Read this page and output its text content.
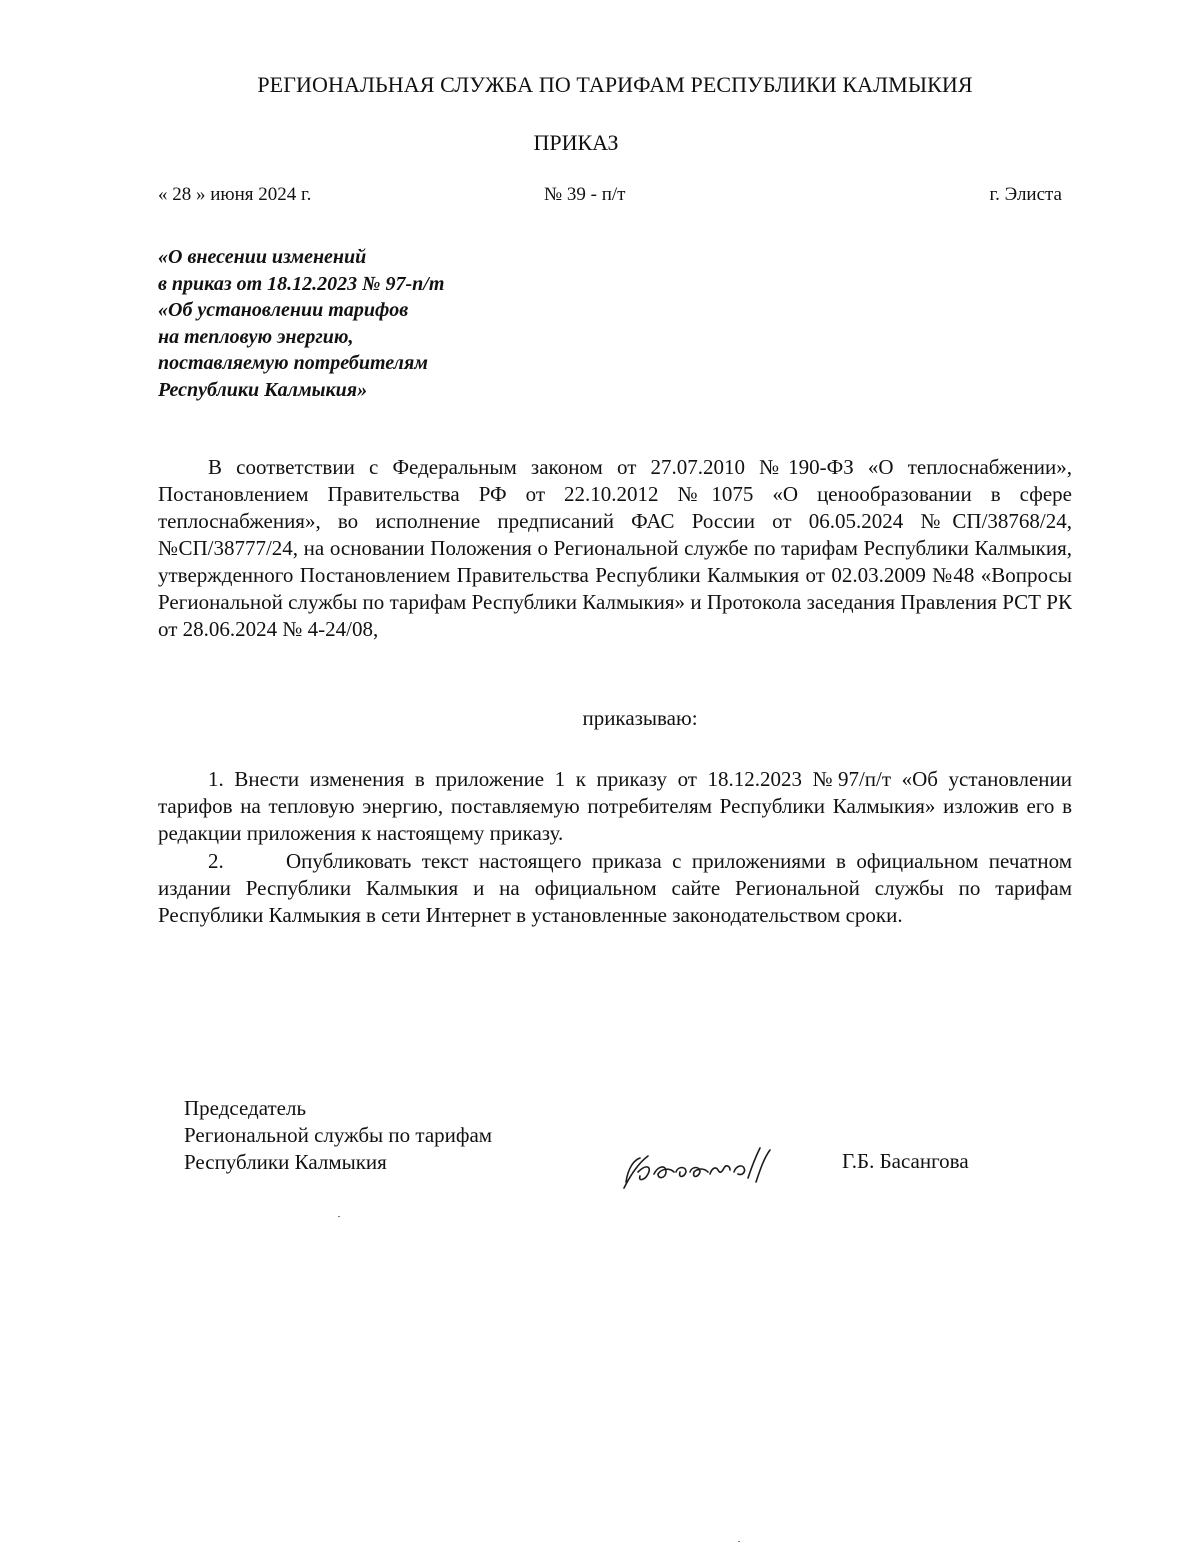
РЕГИОНАЛЬНАЯ СЛУЖБА ПО ТАРИФАМ РЕСПУБЛИКИ КАЛМЫКИЯ
ПРИКАЗ
« 28 » июня 2024 г.	№ 39 - п/т	г. Элиста
«О внесении изменений
в приказ от 18.12.2023 № 97-п/т
«Об установлении тарифов
на тепловую энергию,
поставляемую потребителям
Республики Калмыкия»
В соответствии с Федеральным законом от 27.07.2010 №190-ФЗ «О теплоснабжении», Постановлением Правительства РФ от 22.10.2012 №1075 «О ценообразовании в сфере теплоснабжения», во исполнение предписаний ФАС России от 06.05.2024 №СП/38768/24, №СП/38777/24, на основании Положения о Региональной службе по тарифам Республики Калмыкия, утвержденного Постановлением Правительства Республики Калмыкия от 02.03.2009 №48 «Вопросы Региональной службы по тарифам Республики Калмыкия» и Протокола заседания Правления РСТ РК от 28.06.2024 № 4-24/08,
приказываю:
1. Внести изменения в приложение 1 к приказу от 18.12.2023 №97/п/т «Об установлении тарифов на тепловую энергию, поставляемую потребителям Республики Калмыкия» изложив его в редакции приложения к настоящему приказу.
2.	Опубликовать текст настоящего приказа с приложениями в официальном печатном издании Республики Калмыкия и на официальном сайте Региональной службы по тарифам Республики Калмыкия в сети Интернет в установленные законодательством сроки.
Председатель
Региональной службы по тарифам
Республики Калмыкия	Г.Б. Басангова
